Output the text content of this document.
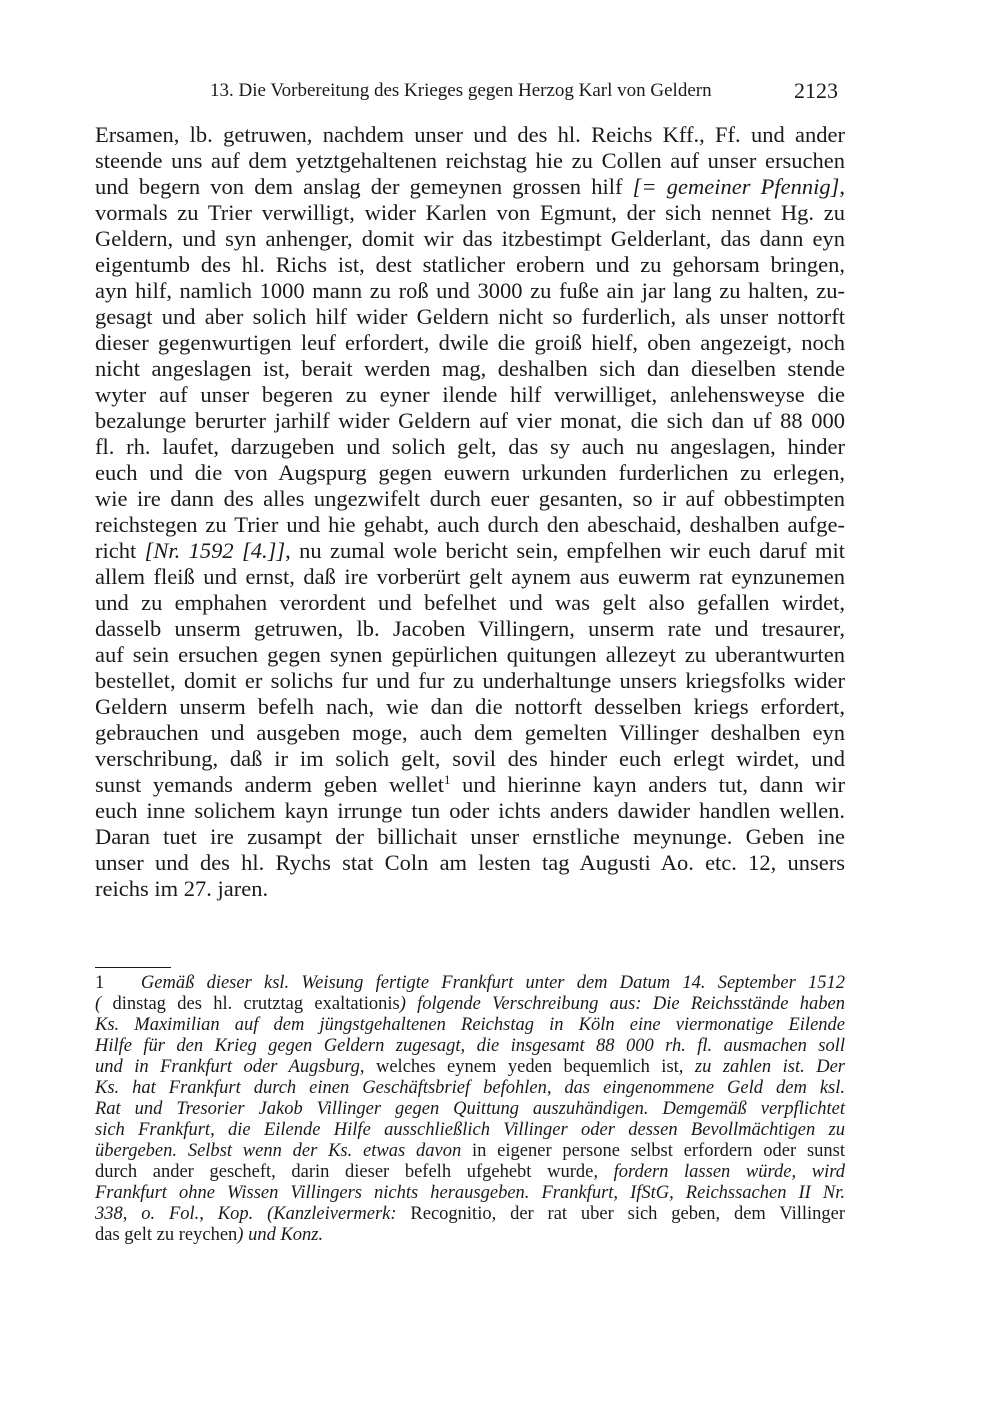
13. Die Vorbereitung des Krieges gegen Herzog Karl von Geldern	2123
Ersamen, lb. getruwen, nachdem unser und des hl. Reichs Kff., Ff. und ander
steende uns auf dem yetztgehaltenen reichstag hie zu Collen auf unser ersuchen
und begern von dem anslag der gemeynen grossen hilf [= gemeiner Pfennig],
vormals zu Trier verwilligt, wider Karlen von Egmunt, der sich nennet Hg. zu
Geldern, und syn anhenger, domit wir das itzbestimpt Gelderlant, das dann eyn
eigentumb des hl. Richs ist, dest statlicher erobern und zu gehorsam bringen,
ayn hilf, namlich 1000 mann zu roß und 3000 zu fuße ain jar lang zu halten, zu-
gesagt und aber solich hilf wider Geldern nicht so furderlich, als unser nottorft
dieser gegenwurtigen leuf erfordert, dwile die groiß hielf, oben angezeigt, noch
nicht angeslagen ist, berait werden mag, deshalben sich dan dieselben stende
wyter auf unser begeren zu eyner ilende hilf verwilliget, anlehensweyse die
bezalunge berurter jarhilf wider Geldern auf vier monat, die sich dan uf 88 000
fl. rh. laufet, darzugeben und solich gelt, das sy auch nu angeslagen, hinder
euch und die von Augspurg gegen euwern urkunden furderlichen zu erlegen,
wie ire dann des alles ungezwifelt durch euer gesanten, so ir auf obbestimpten
reichstegen zu Trier und hie gehabt, auch durch den abeschaid, deshalben aufge-
richt [Nr. 1592 [4.]], nu zumal wole bericht sein, empfelhen wir euch daruf mit
allem fleiß und ernst, daß ire vorberürt gelt aynem aus euwerm rat eynzunemen
und zu emphahen verordent und befelhet und was gelt also gefallen wirdet,
dasselb unserm getruwen, lb. Jacoben Villingern, unserm rate und tresaurer,
auf sein ersuchen gegen synen gepürlichen quitungen allezeyt zu uberantwurten
bestellet, domit er solichs fur und fur zu underhaltunge unsers kriegsfolks wider
Geldern unserm befelh nach, wie dan die nottorft desselben kriegs erfordert,
gebrauchen und ausgeben moge, auch dem gemelten Villinger deshalben eyn
verschribung, daß ir im solich gelt, sovil des hinder euch erlegt wirdet, und
sunst yemands anderm geben wellet$^1$ und hierinne kayn anders tut, dann wir
euch inne solichem kayn irrunge tun oder ichts anders dawider handlen wellen.
Daran tuet ire zusampt der billichait unser ernstliche meynunge. Geben ine
unser und des hl. Rychs stat Coln am lesten tag Augusti Ao. etc. 12, unsers
reichs im 27. jaren.
1 Gemäß dieser ksl. Weisung fertigte Frankfurt unter dem Datum 14. September 1512
( dinstag des hl. crutztag exaltationis) folgende Verschreibung aus: Die Reichsstände haben
Ks. Maximilian auf dem jüngstgehaltenen Reichstag in Köln eine viermonatige Eilende
Hilfe für den Krieg gegen Geldern zugesagt, die insgesamt 88 000 rh. fl. ausmachen soll
und in Frankfurt oder Augsburg, welches eynem yeden bequemlich ist, zu zahlen ist. Der
Ks. hat Frankfurt durch einen Geschäftsbrief befohlen, das eingenommene Geld dem ksl.
Rat und Tresorier Jakob Villinger gegen Quittung auszuhändigen. Demgemäß verpflichtet
sich Frankfurt, die Eilende Hilfe ausschließlich Villinger oder dessen Bevollmächtigen zu
übergeben. Selbst wenn der Ks. etwas davon in eigener persone selbst erfordern oder sunst
durch ander gescheft, darin dieser befelh ufgehebt wurde, fordern lassen würde, wird
Frankfurt ohne Wissen Villingers nichts herausgeben. Frankfurt, IfStG, Reichssachen II Nr.
338, o. Fol., Kop. (Kanzleivermerk: Recognitio, der rat uber sich geben, dem Villinger
das gelt zu reychen) und Konz.
